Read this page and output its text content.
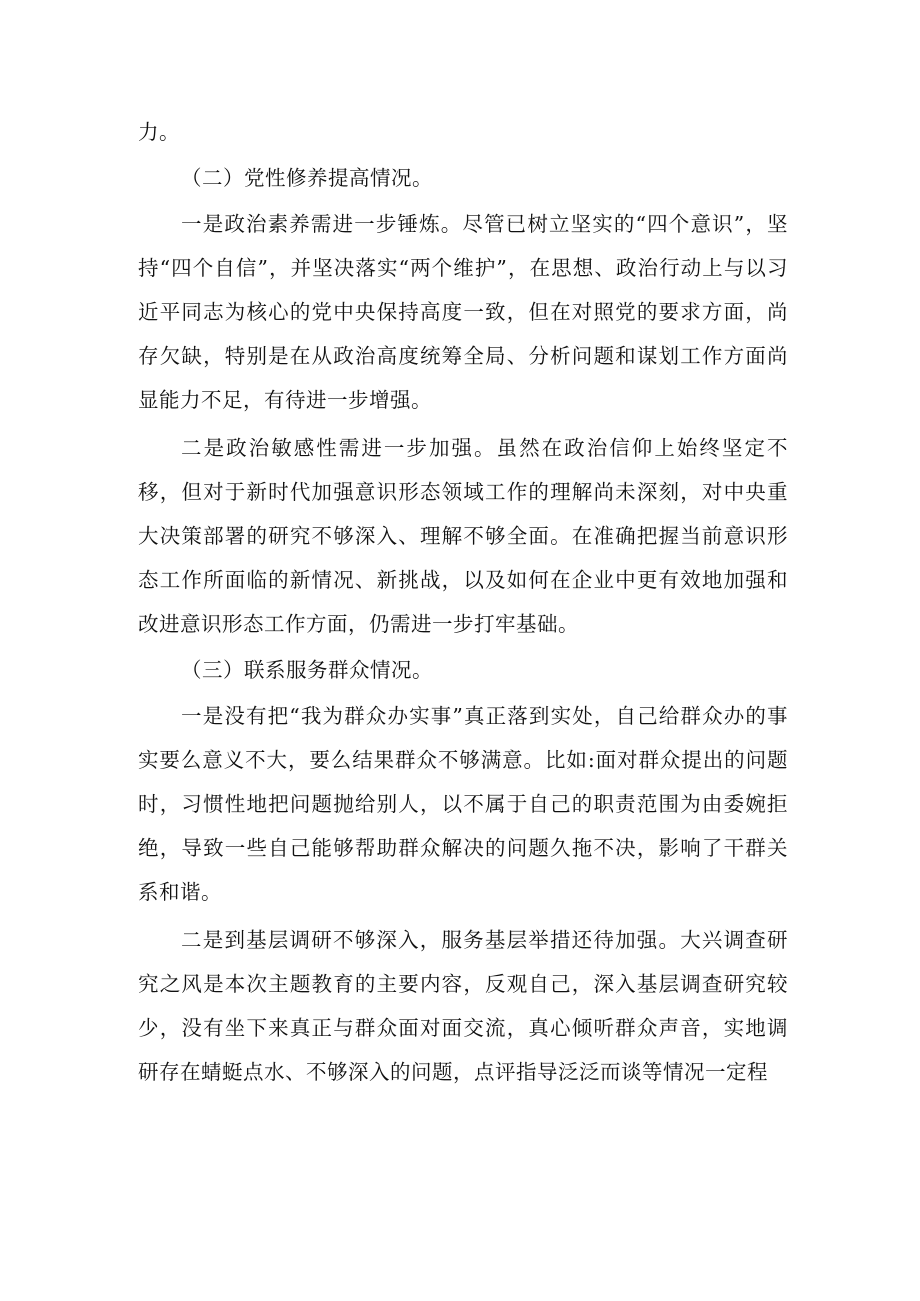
力。

（二）党性修养提高情况。

一是政治素养需进一步锤炼。尽管已树立坚实的“四个意识”，坚持“四个自信”，并坚决落实“两个维护”，在思想、政治行动上与以习近平同志为核心的党中央保持高度一致，但在对照党的要求方面，尚存欠缺，特别是在从政治高度统筹全局、分析问题和谋划工作方面尚显能力不足，有待进一步增强。

二是政治敏感性需进一步加强。虽然在政治信仰上始终坚定不移，但对于新时代加强意识形态领域工作的理解尚未深刻，对中央重大决策部署的研究不够深入、理解不够全面。在准确把握当前意识形态工作所面临的新情况、新挑战，以及如何在企业中更有效地加强和改进意识形态工作方面，仍需进一步打牢基础。

（三）联系服务群众情况。

一是没有把“我为群众办实事”真正落到实处，自己给群众办的事实要么意义不大，要么结果群众不够满意。比如:面对群众提出的问题时，习惯性地把问题抛给别人，以不属于自己的职责范围为由委婉拒绝，导致一些自己能够帮助群众解决的问题久拖不决，影响了干群关系和谐。

二是到基层调研不够深入，服务基层举措还待加强。大兴调查研究之风是本次主题教育的主要内容，反观自己，深入基层调查研究较少，没有坐下来真正与群众面对面交流，真心倾听群众声音，实地调研存在蜻蜓点水、不够深入的问题，点评指导泛泛而谈等情况一定程
